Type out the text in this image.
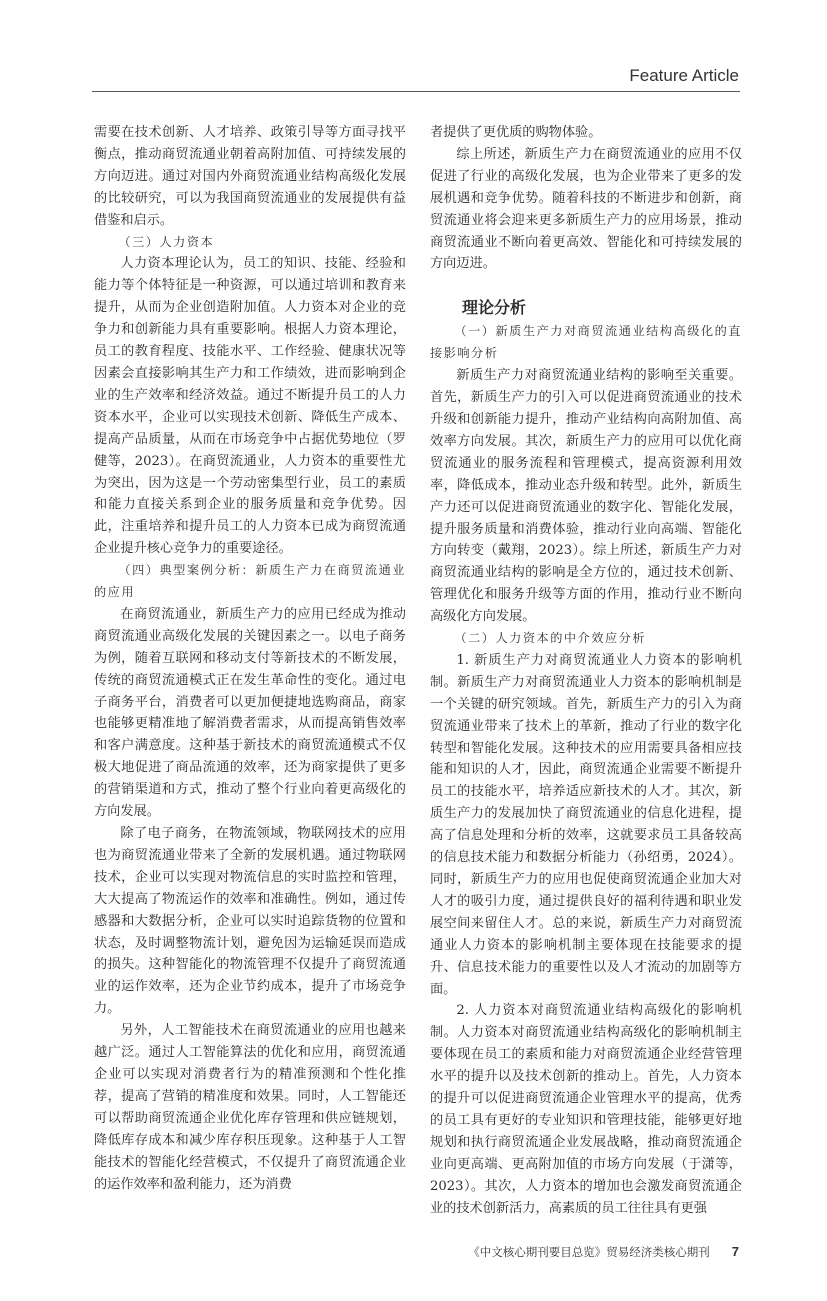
Feature Article

需要在技术创新、人才培养、政策引导等方面寻找平衡点，推动商贸流通业朝着高附加值、可持续发展的方向迈进。通过对国内外商贸流通业结构高级化发展的比较研究，可以为我国商贸流通业的发展提供有益借鉴和启示。

（三）人力资本

人力资本理论认为，员工的知识、技能、经验和能力等个体特征是一种资源，可以通过培训和教育来提升，从而为企业创造附加值。人力资本对企业的竞争力和创新能力具有重要影响。根据人力资本理论，员工的教育程度、技能水平、工作经验、健康状况等因素会直接影响其生产力和工作绩效，进而影响到企业的生产效率和经济效益。通过不断提升员工的人力资本水平，企业可以实现技术创新、降低生产成本、提高产品质量，从而在市场竞争中占据优势地位（罗健等，2023）。在商贸流通业，人力资本的重要性尤为突出，因为这是一个劳动密集型行业，员工的素质和能力直接关系到企业的服务质量和竞争优势。因此，注重培养和提升员工的人力资本已成为商贸流通企业提升核心竞争力的重要途径。

（四）典型案例分析：新质生产力在商贸流通业的应用

在商贸流通业，新质生产力的应用已经成为推动商贸流通业高级化发展的关键因素之一。以电子商务为例，随着互联网和移动支付等新技术的不断发展，传统的商贸流通模式正在发生革命性的变化。通过电子商务平台，消费者可以更加便捷地选购商品，商家也能够更精准地了解消费者需求，从而提高销售效率和客户满意度。这种基于新技术的商贸流通模式不仅极大地促进了商品流通的效率，还为商家提供了更多的营销渠道和方式，推动了整个行业向着更高级化的方向发展。

除了电子商务，在物流领域，物联网技术的应用也为商贸流通业带来了全新的发展机遇。通过物联网技术，企业可以实现对物流信息的实时监控和管理，大大提高了物流运作的效率和准确性。例如，通过传感器和大数据分析，企业可以实时追踪货物的位置和状态，及时调整物流计划，避免因为运输延误而造成的损失。这种智能化的物流管理不仅提升了商贸流通业的运作效率，还为企业节约成本，提升了市场竞争力。

另外，人工智能技术在商贸流通业的应用也越来越广泛。通过人工智能算法的优化和应用，商贸流通企业可以实现对消费者行为的精准预测和个性化推荐，提高了营销的精准度和效果。同时，人工智能还可以帮助商贸流通企业优化库存管理和供应链规划，降低库存成本和减少库存积压现象。这种基于人工智能技术的智能化经营模式，不仅提升了商贸流通企业的运作效率和盈利能力，还为消费

者提供了更优质的购物体验。

综上所述，新质生产力在商贸流通业的应用不仅促进了行业的高级化发展，也为企业带来了更多的发展机遇和竞争优势。随着科技的不断进步和创新，商贸流通业将会迎来更多新质生产力的应用场景，推动商贸流通业不断向着更高效、智能化和可持续发展的方向迈进。

理论分析
（一）新质生产力对商贸流通业结构高级化的直接影响分析

新质生产力对商贸流通业结构的影响至关重要。首先，新质生产力的引入可以促进商贸流通业的技术升级和创新能力提升，推动产业结构向高附加值、高效率方向发展。其次，新质生产力的应用可以优化商贸流通业的服务流程和管理模式，提高资源利用效率，降低成本，推动业态升级和转型。此外，新质生产力还可以促进商贸流通业的数字化、智能化发展，提升服务质量和消费体验，推动行业向高端、智能化方向转变（戴翔，2023）。综上所述，新质生产力对商贸流通业结构的影响是全方位的，通过技术创新、管理优化和服务升级等方面的作用，推动行业不断向高级化方向发展。

（二）人力资本的中介效应分析

1. 新质生产力对商贸流通业人力资本的影响机制。新质生产力对商贸流通业人力资本的影响机制是一个关键的研究领域。首先，新质生产力的引入为商贸流通业带来了技术上的革新，推动了行业的数字化转型和智能化发展。这种技术的应用需要具备相应技能和知识的人才，因此，商贸流通企业需要不断提升员工的技能水平，培养适应新技术的人才。其次，新质生产力的发展加快了商贸流通业的信息化进程，提高了信息处理和分析的效率，这就要求员工具备较高的信息技术能力和数据分析能力（孙绍勇，2024）。同时，新质生产力的应用也促使商贸流通企业加大对人才的吸引力度，通过提供良好的福利待遇和职业发展空间来留住人才。总的来说，新质生产力对商贸流通业人力资本的影响机制主要体现在技能要求的提升、信息技术能力的重要性以及人才流动的加剧等方面。

2. 人力资本对商贸流通业结构高级化的影响机制。人力资本对商贸流通业结构高级化的影响机制主要体现在员工的素质和能力对商贸流通企业经营管理水平的提升以及技术创新的推动上。首先，人力资本的提升可以促进商贸流通企业管理水平的提高，优秀的员工具有更好的专业知识和管理技能，能够更好地规划和执行商贸流通企业发展战略，推动商贸流通企业向更高端、更高附加值的市场方向发展（于潇等，2023）。其次，人力资本的增加也会激发商贸流通企业的技术创新活力，高素质的员工往往具有更强

《中文核心期刊要目总览》贸易经济类核心期刊 7
